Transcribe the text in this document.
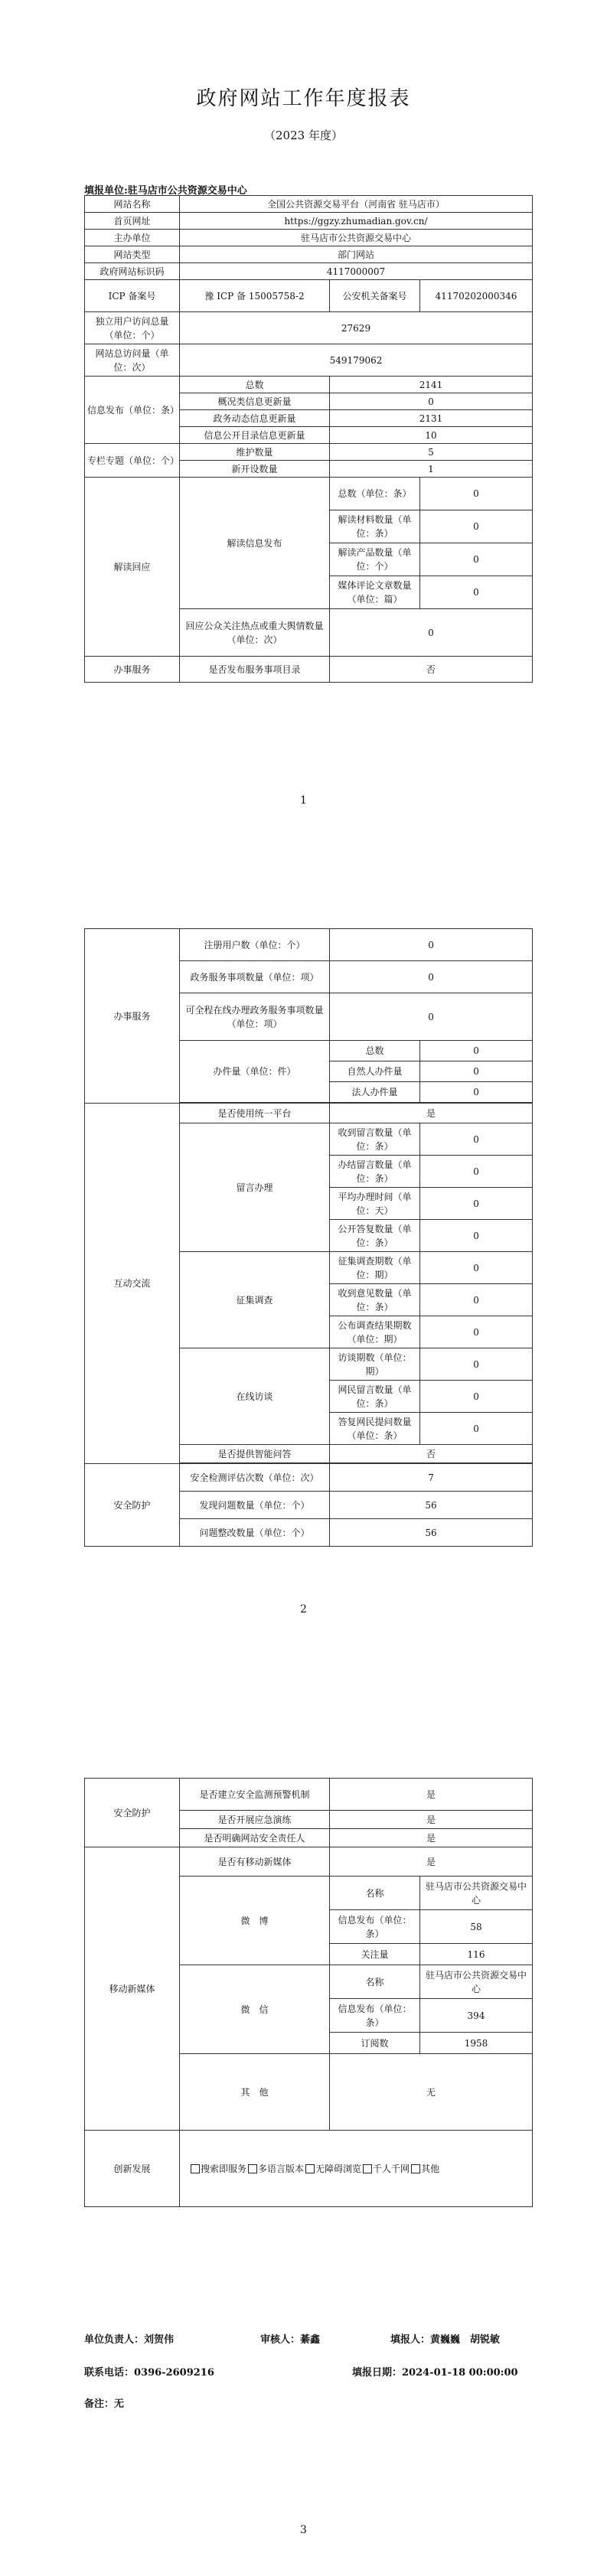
政府网站工作年度报表
（2023 年度）
填报单位:驻马店市公共资源交易中心
网站名称	全国公共资源交易平台（河南省 驻马店市）		
首页网址	https://ggzy.zhumadian.gov.cn/		
主办单位	驻马店市公共资源交易中心		
网站类型	部门网站		
政府网站标识码	4117000007		
ICP 备案号	豫 ICP 备 15005758-2	公安机关备案号	41170202000346
独立用户访问总量（单位：个）	27629		
网站总访问量（单位：次）	549179062		
信息发布（单位：条）	总数	2141	
	概况类信息更新量	0	
	政务动态信息更新量	2131	
	信息公开目录信息更新量	10	
专栏专题（单位：个）	维护数量	5	
	新开设数量	1	
解读回应	解读信息发布	总数（单位：条）	0
		解读材料数量（单位：条）	0
		解读产品数量（单位：个）	0
		媒体评论文章数量（单位：篇）	0
	回应公众关注热点或重大舆情数量（单位：次）	0	
办事服务	是否发布服务事项目录	否	
1
办事服务	注册用户数（单位：个）	0	
	政务服务事项数量（单位：项）	0	
	可全程在线办理政务服务事项数量（单位：项）	0	
	办件量（单位：件）	总数	0
		自然人办件量	0
		法人办件量	0

互动交流	是否使用统一平台	是	
	留言办理	收到留言数量（单位：条）	0
		办结留言数量（单位：条）	0
		平均办理时间（单位：天）	0
		公开答复数量（单位：条）	0
	征集调查	征集调查期数（单位：期）	0
		收到意见数量（单位：条）	0
		公布调查结果期数（单位：期）	0
	在线访谈	访谈期数（单位：期）	0
		网民留言数量（单位：条）	0
		答复网民提问数量（单位：条）	0
	是否提供智能问答	否	

安全防护	安全检测评估次数（单位：次）	7	
	发现问题数量（单位：个）	56	
	问题整改数量（单位：个）	56	
2
安全防护	是否建立安全监测预警机制	是	
	是否开展应急演练	是	
	是否明确网站安全责任人	是	
移动新媒体	是否有移动新媒体	是	
	微　博	名称	驻马店市公共资源交易中心
		信息发布（单位：条）	58
		关注量	116
	微　信	名称	驻马店市公共资源交易中心
		信息发布（单位：条）	394
		订阅数	1958
	其　他	无	
创新发展	搜索即服务 多语言版本 无障碍浏览 千人千网 其他		
单位负责人：刘贺伟	审核人：綦鑫	填报人：黄巍巍　胡锐敏
联系电话：0396-2609216	填报日期：2024-01-18 00:00:00
备注：无
3
